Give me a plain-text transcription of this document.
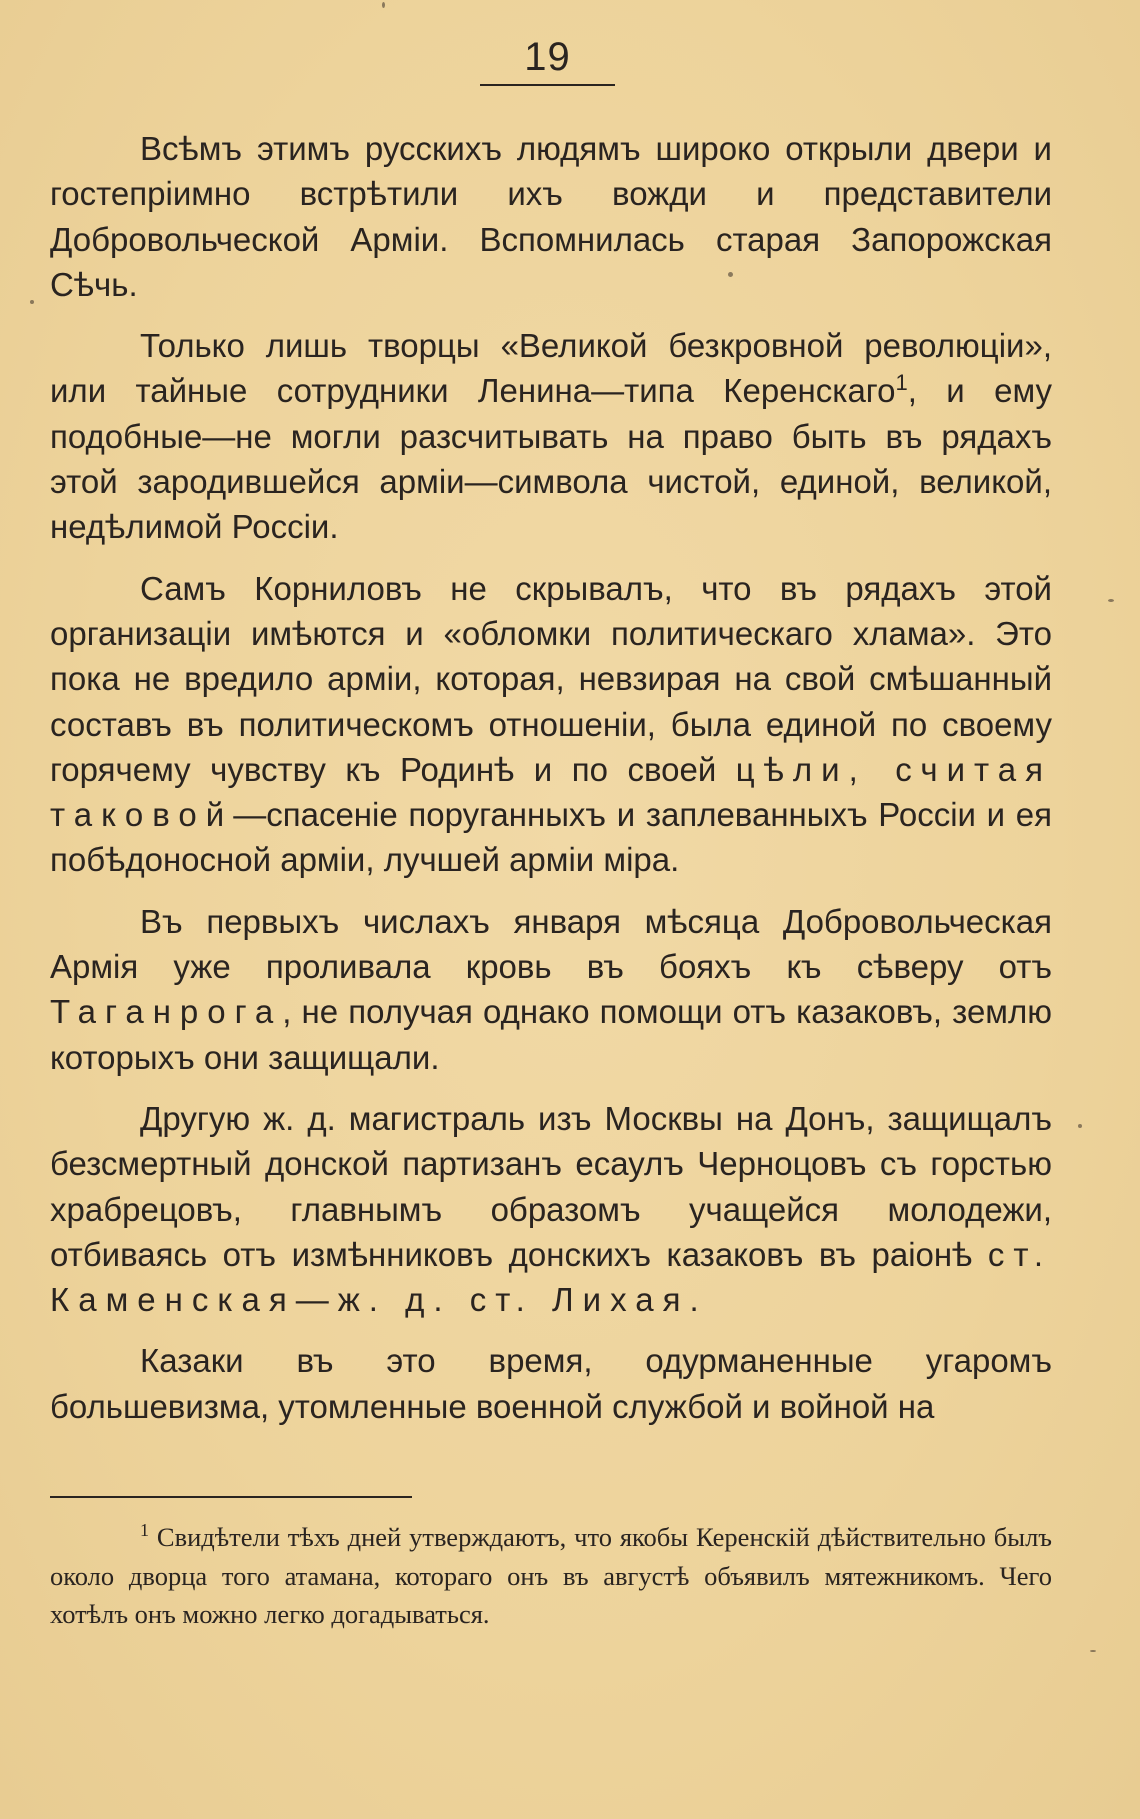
19

Всѣмъ этимъ русскихъ людямъ широко открыли двери и гостепріимно встрѣтили ихъ вожди и представители Добровольческой Арміи. Вспомнилась старая Запорожская Сѣчь.

Только лишь творцы «Великой безкровной революціи», или тайные сотрудники Ленина—типа Керенскаго$^1$, и ему подобные—не могли разсчитывать на право быть въ рядахъ этой зародившейся арміи—символа чистой, единой, великой, недѣлимой Россіи.

Самъ Корниловъ не скрывалъ, что въ рядахъ этой организаціи имѣются и «обломки политическаго хлама». Это пока не вредило арміи, которая, невзирая на свой смѣшанный составъ въ политическомъ отношеніи, была единой по своему горячему чувству къ Родинѣ и по своей цѣли, считая таковой—спасеніе поруганныхъ и заплеванныхъ Россіи и ея побѣдоносной арміи, лучшей арміи міра.

Въ первыхъ числахъ января мѣсяца Добровольческая Армія уже проливала кровь въ бояхъ къ сѣверу отъ Таганрога, не получая однако помощи отъ казаковъ, землю которыхъ они защищали.

Другую ж. д. магистраль изъ Москвы на Донъ, защищалъ безсмертный донской партизанъ есаулъ Черноцовъ съ горстью храбрецовъ, главнымъ образомъ учащейся молодежи, отбиваясь отъ измѣнниковъ донскихъ казаковъ въ раіонѣ ст. Каменская—ж. д. ст. Лихая.

Казаки въ это время, одурманенные угаромъ большевизма, утомленные военной службой и войной на

$^1$ Свидѣтели тѣхъ дней утверждаютъ, что якобы Керенскій дѣйствительно былъ около дворца того атамана, котораго онъ въ августѣ объявилъ мятежникомъ. Чего хотѣлъ онъ можно легко догадываться.
